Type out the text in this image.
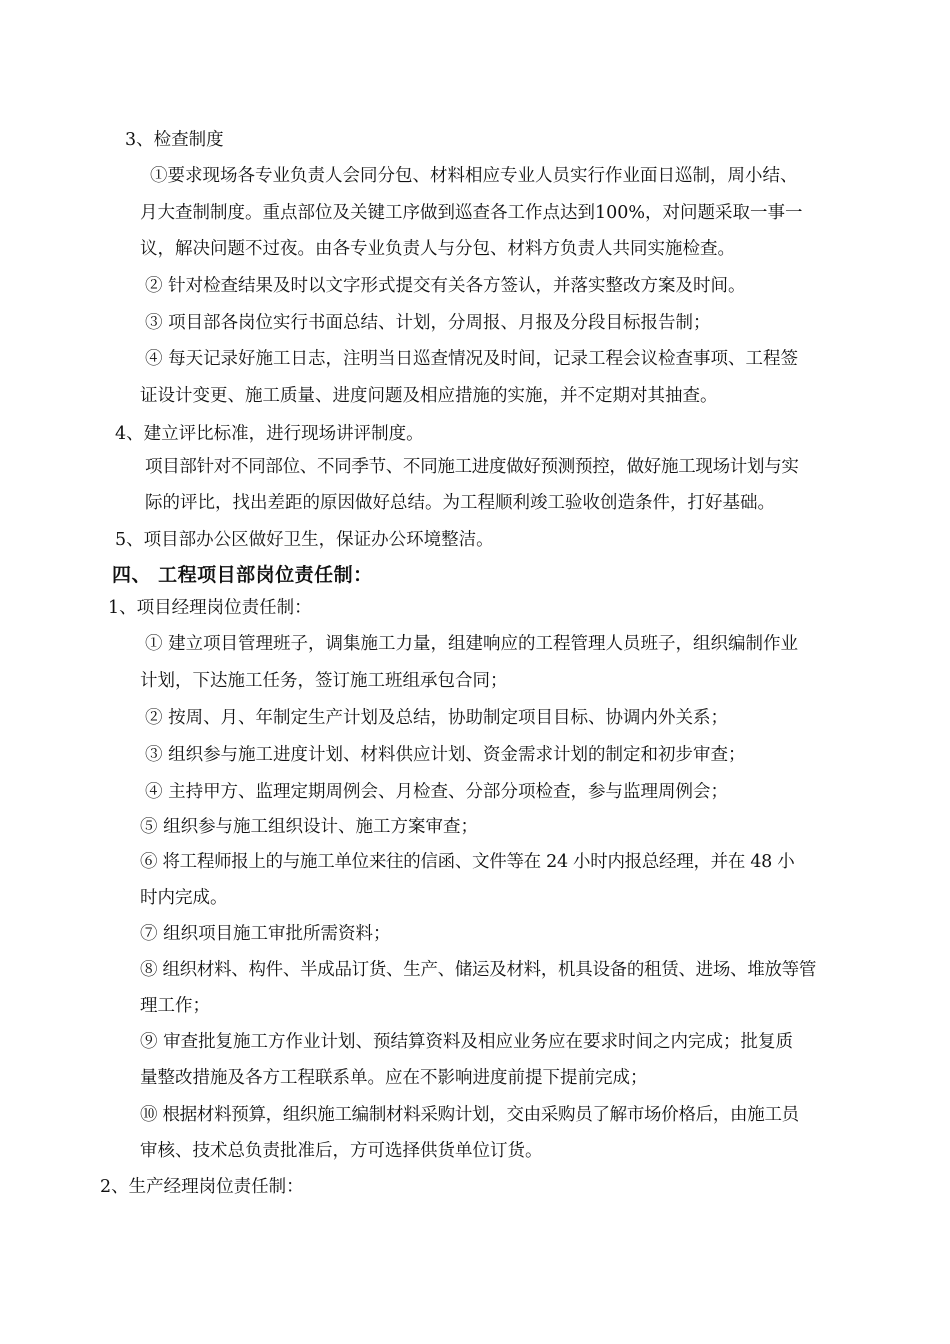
3、检查制度
①要求现场各专业负责人会同分包、材料相应专业人员实行作业面日巡制，周小结、
月大查制制度。重点部位及关键工序做到巡查各工作点达到100%，对问题采取一事一
议，解决问题不过夜。由各专业负责人与分包、材料方负责人共同实施检查。
② 针对检查结果及时以文字形式提交有关各方签认，并落实整改方案及时间。
③ 项目部各岗位实行书面总结、计划，分周报、月报及分段目标报告制；
④ 每天记录好施工日志，注明当日巡查情况及时间，记录工程会议检查事项、工程签
证设计变更、施工质量、进度问题及相应措施的实施，并不定期对其抽查。
4、建立评比标准，进行现场讲评制度。
项目部针对不同部位、不同季节、不同施工进度做好预测预控，做好施工现场计划与实
际的评比，找出差距的原因做好总结。为工程顺利竣工验收创造条件，打好基础。
5、项目部办公区做好卫生，保证办公环境整洁。
四、 工程项目部岗位责任制：
1、项目经理岗位责任制：
① 建立项目管理班子，调集施工力量，组建响应的工程管理人员班子，组织编制作业
计划，下达施工任务，签订施工班组承包合同；
② 按周、月、年制定生产计划及总结，协助制定项目目标、协调内外关系；
③ 组织参与施工进度计划、材料供应计划、资金需求计划的制定和初步审查；
④ 主持甲方、监理定期周例会、月检查、分部分项检查，参与监理周例会；
⑤ 组织参与施工组织设计、施工方案审查；
⑥ 将工程师报上的与施工单位来往的信函、文件等在 24 小时内报总经理，并在 48 小
时内完成。
⑦ 组织项目施工审批所需资料；
⑧ 组织材料、构件、半成品订货、生产、储运及材料，机具设备的租赁、进场、堆放等管
理工作；
⑨ 审查批复施工方作业计划、预结算资料及相应业务应在要求时间之内完成；批复质
量整改措施及各方工程联系单。应在不影响进度前提下提前完成；
⑩ 根据材料预算，组织施工编制材料采购计划，交由采购员了解市场价格后，由施工员
审核、技术总负责批准后，方可选择供货单位订货。
2、生产经理岗位责任制：
